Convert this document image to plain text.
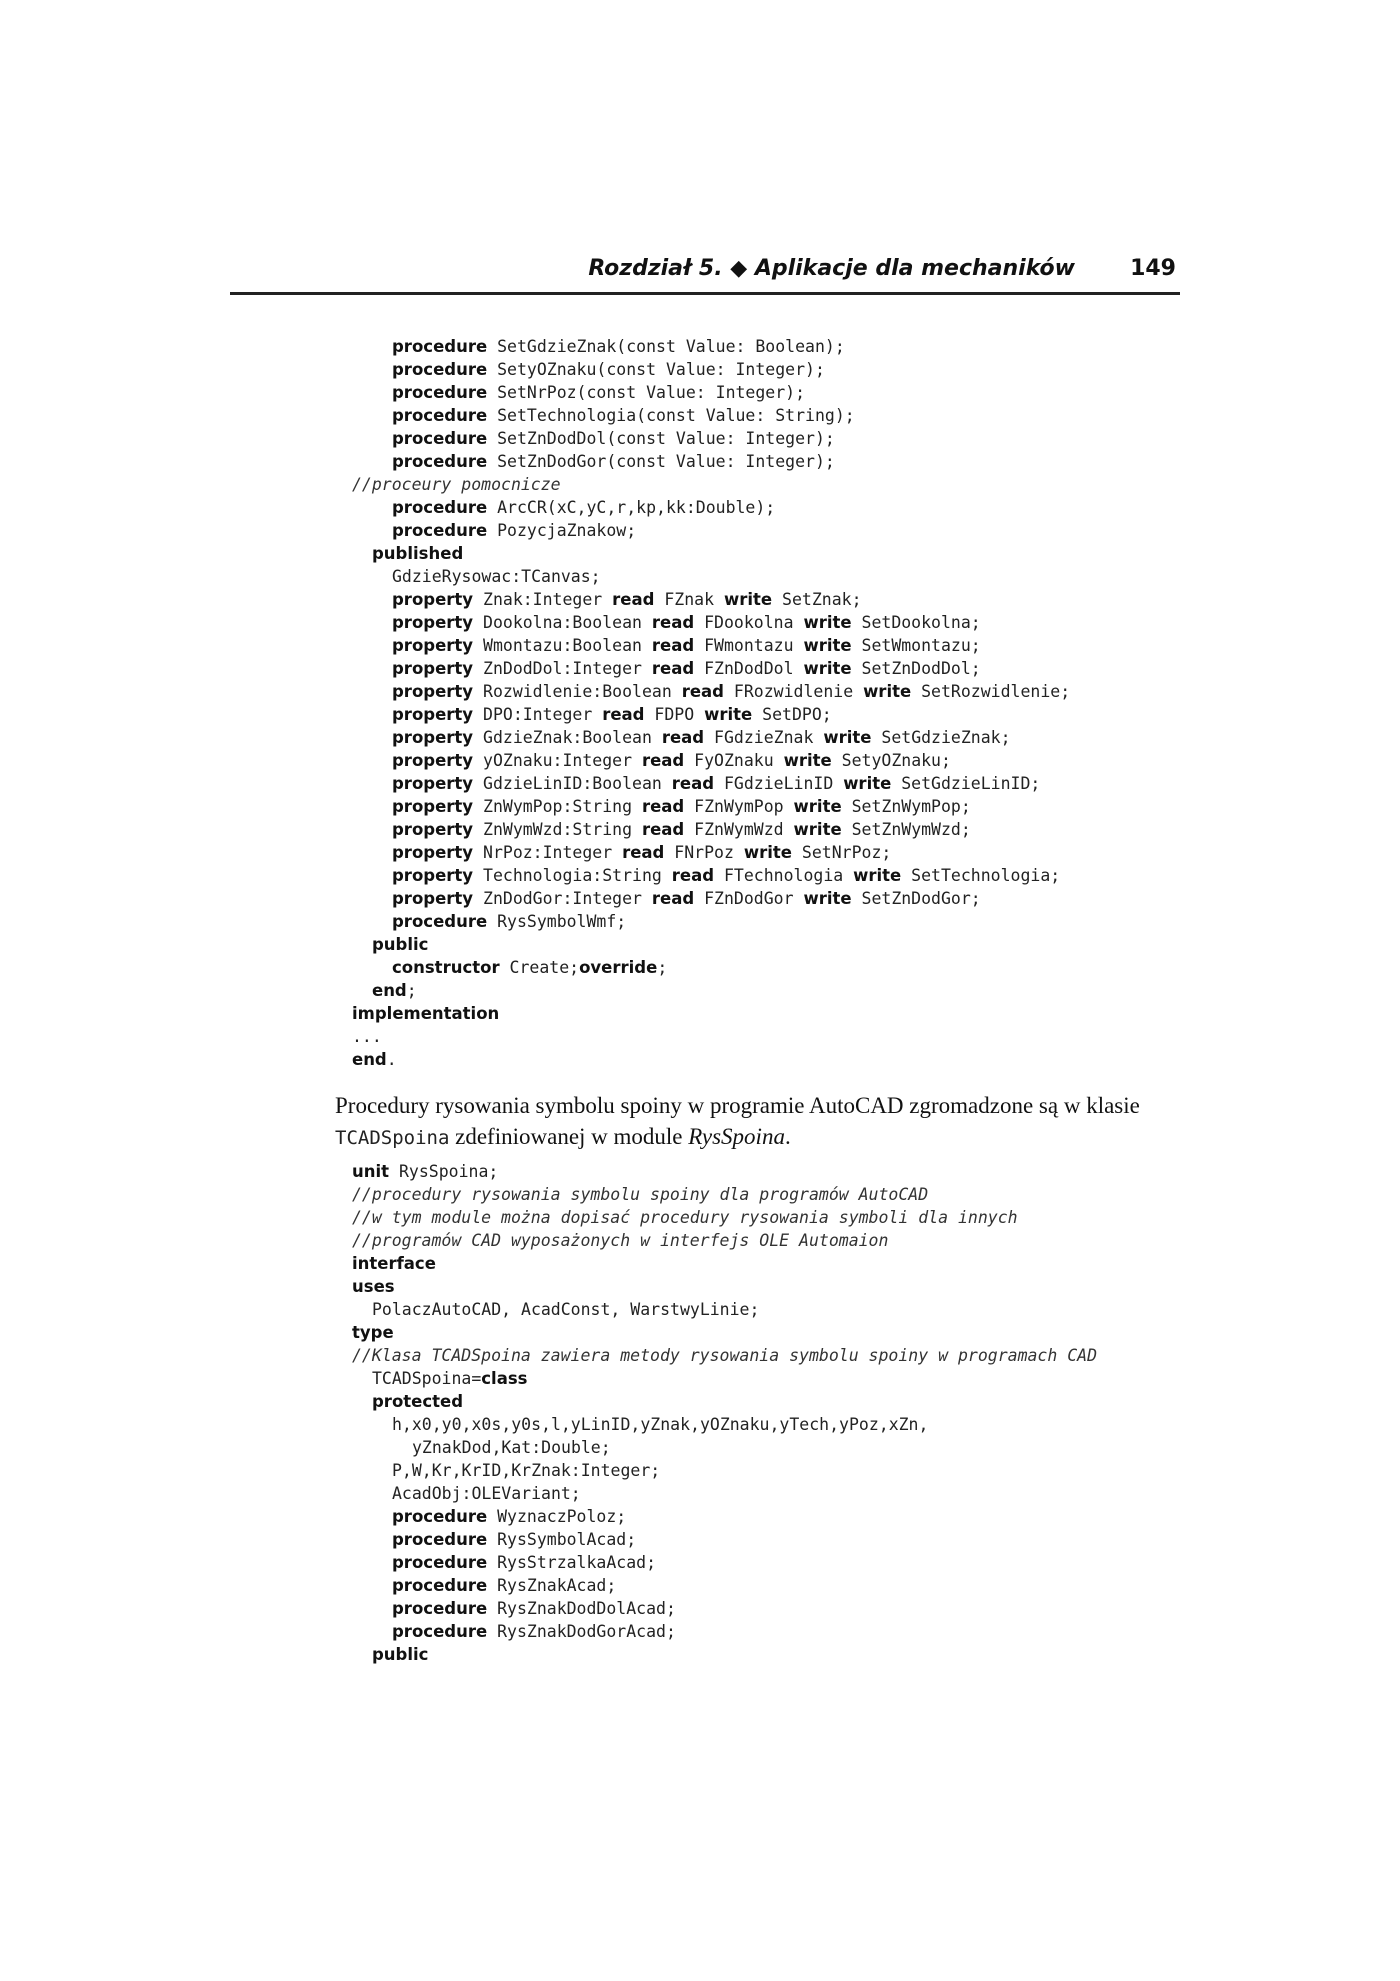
Rozdział 5. ◆ Aplikacje dla mechaników	149
procedure SetGdzieZnak(const Value: Boolean);
procedure SetyOZnaku(const Value: Integer);
procedure SetNrPoz(const Value: Integer);
procedure SetTechnologia(const Value: String);
procedure SetZnDodDol(const Value: Integer);
procedure SetZnDodGor(const Value: Integer);
//proceury pomocnicze
procedure ArcCR(xC,yC,r,kp,kk:Double);
procedure PozycjaZnakow;
published
GdzieRysowac:TCanvas;
property Znak:Integer read FZnak write SetZnak;
property Dookolna:Boolean read FDookolna write SetDookolna;
property Wmontazu:Boolean read FWmontazu write SetWmontazu;
property ZnDodDol:Integer read FZnDodDol write SetZnDodDol;
property Rozwidlenie:Boolean read FRozwidlenie write SetRozwidlenie;
property DPO:Integer read FDPO write SetDPO;
property GdzieZnak:Boolean read FGdzieZnak write SetGdzieZnak;
property yOZnaku:Integer read FyOZnaku write SetyOZnaku;
property GdzieLinID:Boolean read FGdzieLinID write SetGdzieLinID;
property ZnWymPop:String read FZnWymPop write SetZnWymPop;
property ZnWymWzd:String read FZnWymWzd write SetZnWymWzd;
property NrPoz:Integer read FNrPoz write SetNrPoz;
property Technologia:String read FTechnologia write SetTechnologia;
property ZnDodGor:Integer read FZnDodGor write SetZnDodGor;
procedure RysSymbolWmf;
public
constructor Create;override;
end;
implementation
...
end.
Procedury rysowania symbolu spoiny w programie AutoCAD zgromadzone są w klasie TCADSpoina zdefiniowanej w module RysSpoina.
unit RysSpoina;
//procedury rysowania symbolu spoiny dla programów AutoCAD
//w tym module można dopisać procedury rysowania symboli dla innych
//programów CAD wyposażonych w interfejs OLE Automaion
interface
uses
PolaczAutoCAD, AcadConst, WarstwyLinie;
type
//Klasa TCADSpoina zawiera metody rysowania symbolu spoiny w programach CAD
TCADSpoina=class
protected
h,x0,y0,x0s,y0s,l,yLinID,yZnak,yOZnaku,yTech,yPoz,xZn,
yZnakDod,Kat:Double;
P,W,Kr,KrID,KrZnak:Integer;
AcadObj:OLEVariant;
procedure WyznaczPoloz;
procedure RysSymbolAcad;
procedure RysStrzalkaAcad;
procedure RysZnakAcad;
procedure RysZnakDodDolAcad;
procedure RysZnakDodGorAcad;
public
